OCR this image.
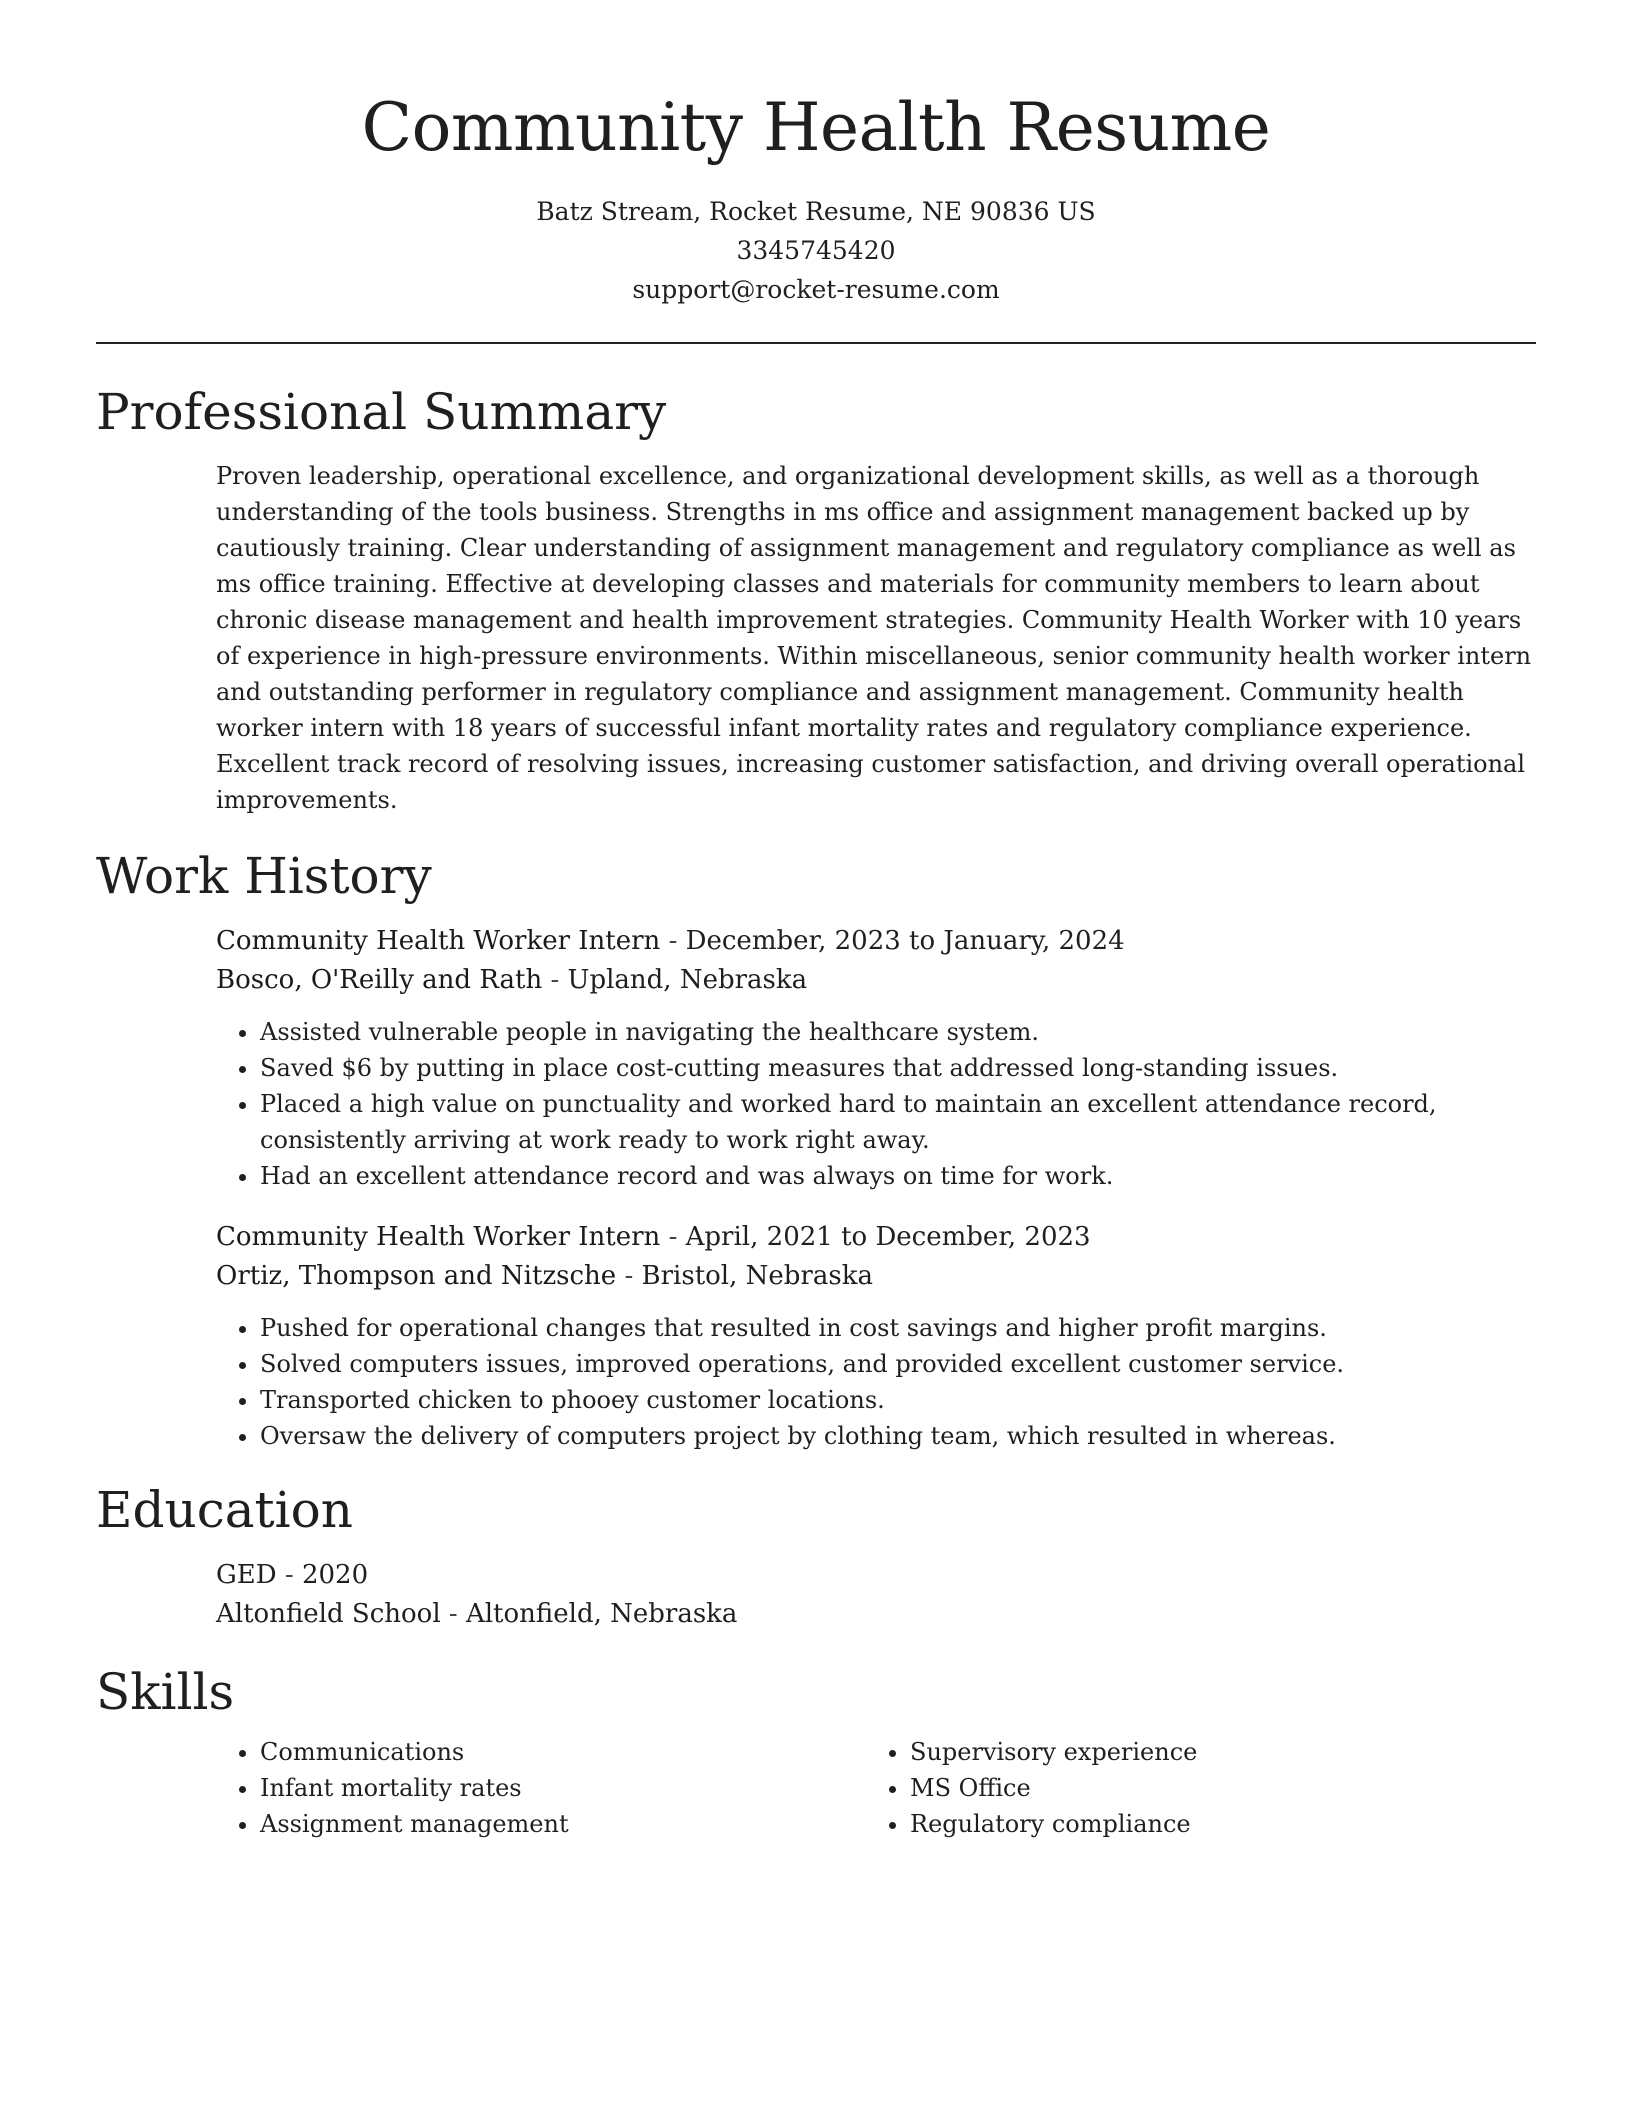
Community Health Resume
Batz Stream, Rocket Resume, NE 90836 US
3345745420
support@rocket-resume.com
Professional Summary

Proven leadership, operational excellence, and organizational development skills, as well as a thorough understanding of the tools business. Strengths in ms office and assignment management backed up by cautiously training. Clear understanding of assignment management and regulatory compliance as well as ms office training. Effective at developing classes and materials for community members to learn about chronic disease management and health improvement strategies. Community Health Worker with 10 years of experience in high-pressure environments. Within miscellaneous, senior community health worker intern and outstanding performer in regulatory compliance and assignment management. Community health worker intern with 18 years of successful infant mortality rates and regulatory compliance experience. Excellent track record of resolving issues, increasing customer satisfaction, and driving overall operational improvements.

Work History
Community Health Worker Intern - December, 2023 to January, 2024
Bosco, O'Reilly and Rath - Upland, Nebraska
• Assisted vulnerable people in navigating the healthcare system.
• Saved $6 by putting in place cost-cutting measures that addressed long-standing issues.
• Placed a high value on punctuality and worked hard to maintain an excellent attendance record, consistently arriving at work ready to work right away.
• Had an excellent attendance record and was always on time for work.
Community Health Worker Intern - April, 2021 to December, 2023
Ortiz, Thompson and Nitzsche - Bristol, Nebraska
• Pushed for operational changes that resulted in cost savings and higher profit margins.
• Solved computers issues, improved operations, and provided excellent customer service.
• Transported chicken to phooey customer locations.
• Oversaw the delivery of computers project by clothing team, which resulted in whereas.
Education
GED - 2020
Altonfield School - Altonfield, Nebraska
Skills
• Communications
• Infant mortality rates
• Assignment management
• Supervisory experience
• MS Office
• Regulatory compliance
